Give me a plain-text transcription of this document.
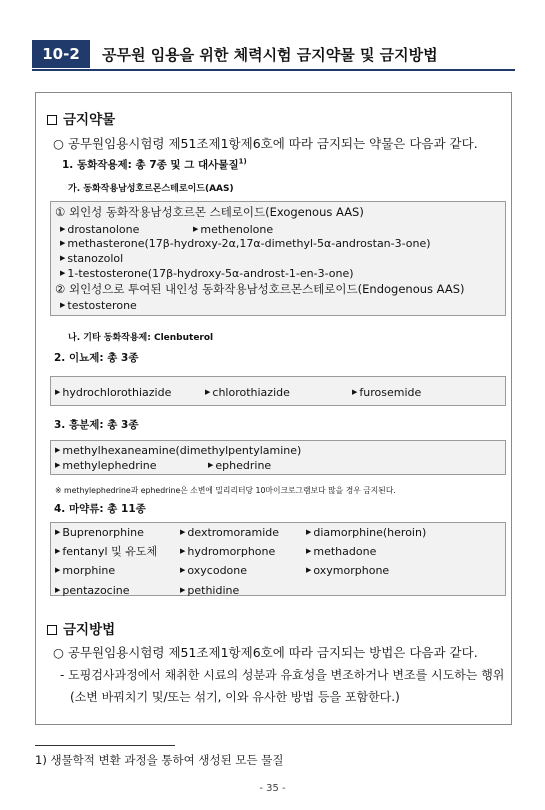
10-2	공무원 임용을 위한 체력시험 금지약물 및 금지방법
금지약물
○ 공무원임용시험령 제51조제1항제6호에 따라 금지되는 약물은 다음과 같다.
1. 동화작용제: 총 7종 및 그 대사물질$^{1)}$
가. 동화작용남성호르몬스테로이드(AAS)
① 외인성 동화작용남성호르몬 스테로이드(Exogenous AAS)
▶ drostanolone	▶ methenolone
▶ methasterone(17β-hydroxy-2α,17α-dimethyl-5α-androstan-3-one)
▶ stanozolol
▶ 1-testosterone(17β-hydroxy-5α-androst-1-en-3-one)
② 외인성으로 투여된 내인성 동화작용남성호르몬스테로이드(Endogenous AAS)
▶ testosterone
나. 기타 동화작용제: Clenbuterol
2. 이뇨제: 총 3종
▶ hydrochlorothiazide	▶ chlorothiazide	▶ furosemide
3. 흥분제: 총 3종
▶ methylhexaneamine(dimethylpentylamine)
▶ methylephedrine	▶ ephedrine
※ methylephedrine과 ephedrine은 소변에 밀리리터당 10마이크로그램보다 많을 경우 금지된다.
4. 마약류: 총 11종
▶ Buprenorphine	▶ dextromoramide	▶ diamorphine(heroin)
▶ fentanyl 및 유도체	▶ hydromorphone	▶ methadone
▶ morphine	▶ oxycodone	▶ oxymorphone
▶ pentazocine	▶ pethidine
금지방법
○ 공무원임용시험령 제51조제1항제6호에 따라 금지되는 방법은 다음과 같다.
- 도핑검사과정에서 채취한 시료의 성분과 유효성을 변조하거나 변조를 시도하는 행위
(소변 바꿔치기 및/또는 섞기, 이와 유사한 방법 등을 포함한다.)
1) 생물학적 변환 과정을 통하여 생성된 모든 물질
- 35 -
